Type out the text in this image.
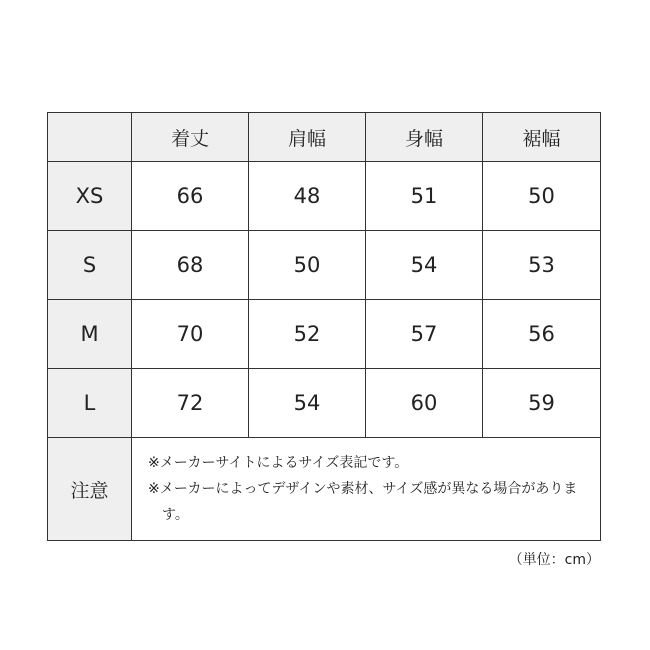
	着丈	肩幅	身幅	裾幅
XS	66	48	51	50
S	68	50	54	53
M	70	52	57	56
L	72	54	60	59
注意	※メーカーサイトによるサイズ表記です。
※メーカーによってデザインや素材、サイズ感が異なる場合があります。			
（単位：cm）
